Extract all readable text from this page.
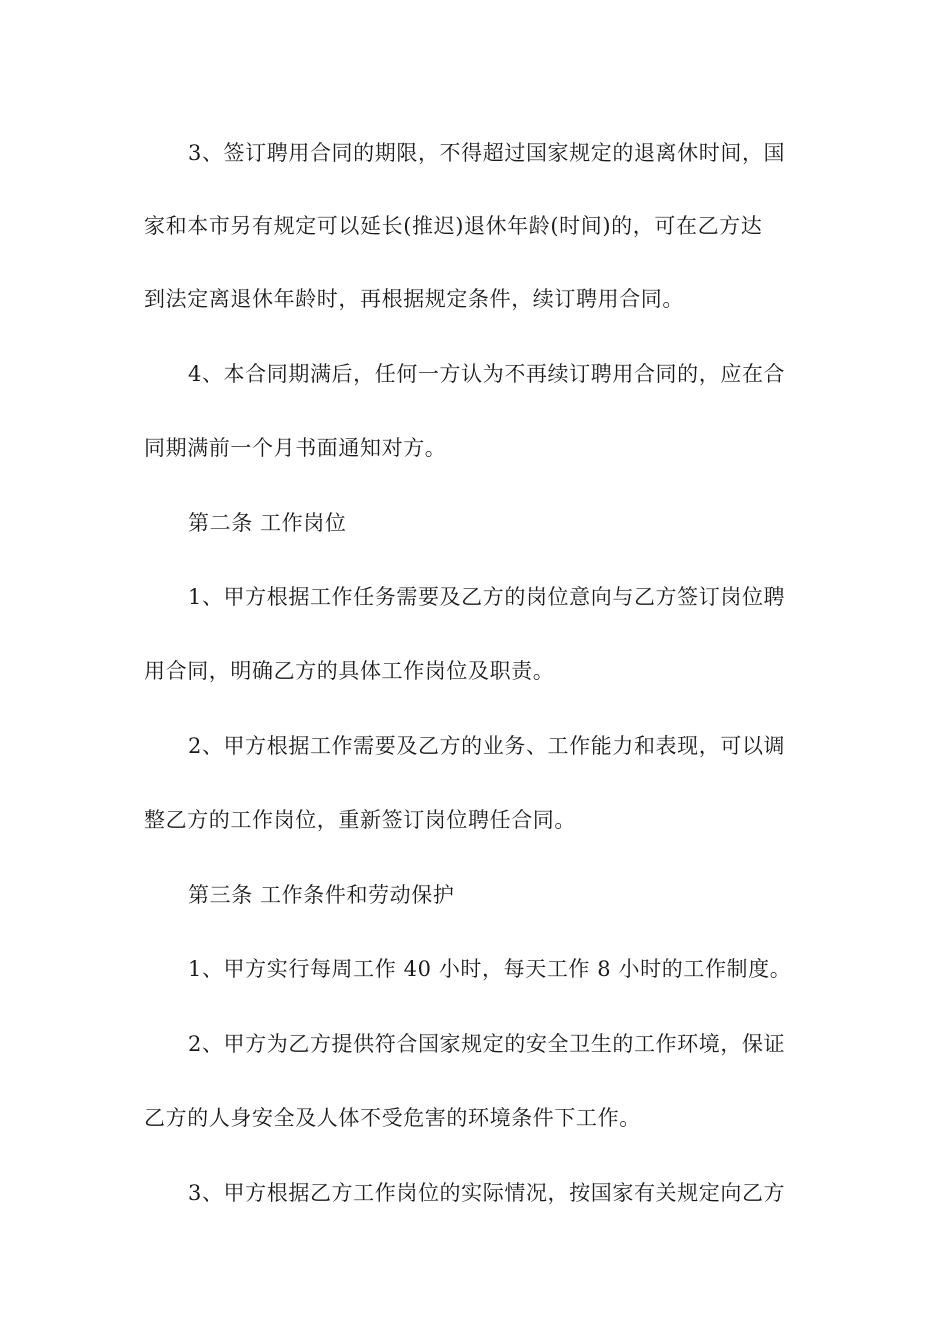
3、签订聘用合同的期限，不得超过国家规定的退离休时间，国
家和本市另有规定可以延长(推迟)退休年龄(时间)的，可在乙方达
到法定离退休年龄时，再根据规定条件，续订聘用合同。
4、本合同期满后，任何一方认为不再续订聘用合同的，应在合
同期满前一个月书面通知对方。
第二条 工作岗位
1、甲方根据工作任务需要及乙方的岗位意向与乙方签订岗位聘
用合同，明确乙方的具体工作岗位及职责。
2、甲方根据工作需要及乙方的业务、工作能力和表现，可以调
整乙方的工作岗位，重新签订岗位聘任合同。
第三条 工作条件和劳动保护
1、甲方实行每周工作 40 小时，每天工作 8 小时的工作制度。
2、甲方为乙方提供符合国家规定的安全卫生的工作环境，保证
乙方的人身安全及人体不受危害的环境条件下工作。
3、甲方根据乙方工作岗位的实际情况，按国家有关规定向乙方
